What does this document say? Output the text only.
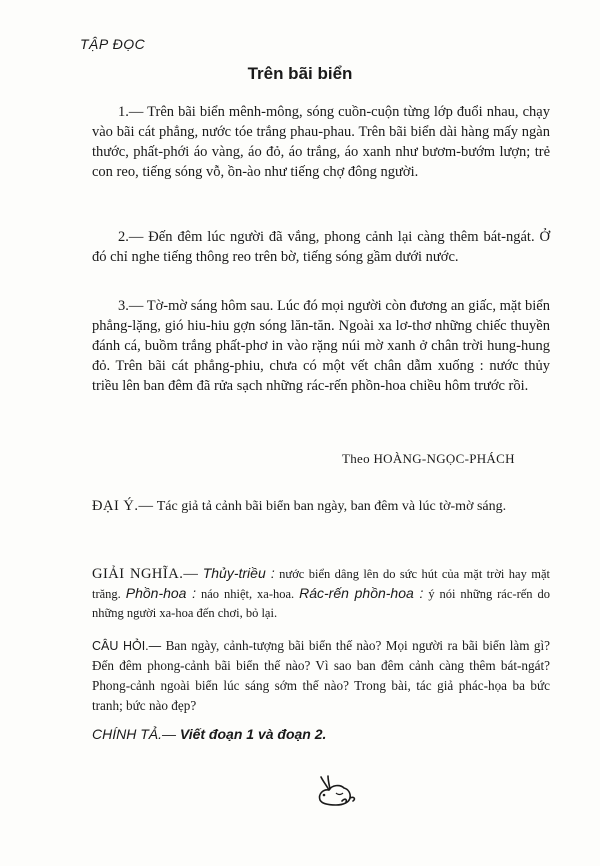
TẬP ĐỌC
Trên bãi biển

1.— Trên bãi biển mênh-mông, sóng cuồn-cuộn từng lớp đuổi nhau, chạy vào bãi cát phẳng, nước tóe trắng phau-phau. Trên bãi biển dài hàng mấy ngàn thước, phất-phới áo vàng, áo đỏ, áo trắng, áo xanh như bươm-bướm lượn; trẻ con reo, tiếng sóng vỗ, ồn-ào như tiếng chợ đông người.

2.— Đến đêm lúc người đã vắng, phong cảnh lại càng thêm bát-ngát. Ở đó chỉ nghe tiếng thông reo trên bờ, tiếng sóng gầm dưới nước.

3.— Tờ-mờ sáng hôm sau. Lúc đó mọi người còn đương an giấc, mặt biển phẳng-lặng, gió hiu-hiu gợn sóng lăn-tăn. Ngoài xa lơ-thơ những chiếc thuyền đánh cá, buồm trắng phất-phơ in vào rặng núi mờ xanh ở chân trời hung-hung đỏ. Trên bãi cát phẳng-phiu, chưa có một vết chân dẫm xuống : nước thủy triều lên ban đêm đã rửa sạch những rác-rến phồn-hoa chiều hôm trước rồi.

Theo HOÀNG-NGỌC-PHÁCH

ĐẠI Ý.— Tác giả tả cảnh bãi biển ban ngày, ban đêm và lúc tờ-mờ sáng.

GIẢI NGHĨA.— Thủy-triều : nước biển dâng lên do sức hút của mặt trời hay mặt trăng. Phồn-hoa : náo nhiệt, xa-hoa. Rác-rến phồn-hoa : ý nói những rác-rến do những người xa-hoa đến chơi, bỏ lại.

CÂU HỎI.— Ban ngày, cảnh-tượng bãi biển thế nào? Mọi người ra bãi biển làm gì? Đến đêm phong-cảnh bãi biển thế nào? Vì sao ban đêm cảnh càng thêm bát-ngát? Phong-cảnh ngoài biển lúc sáng sớm thế nào? Trong bài, tác giả phác-họa ba bức tranh; bức nào đẹp?

CHÍNH TẢ.— Viết đoạn 1 và đoạn 2.
